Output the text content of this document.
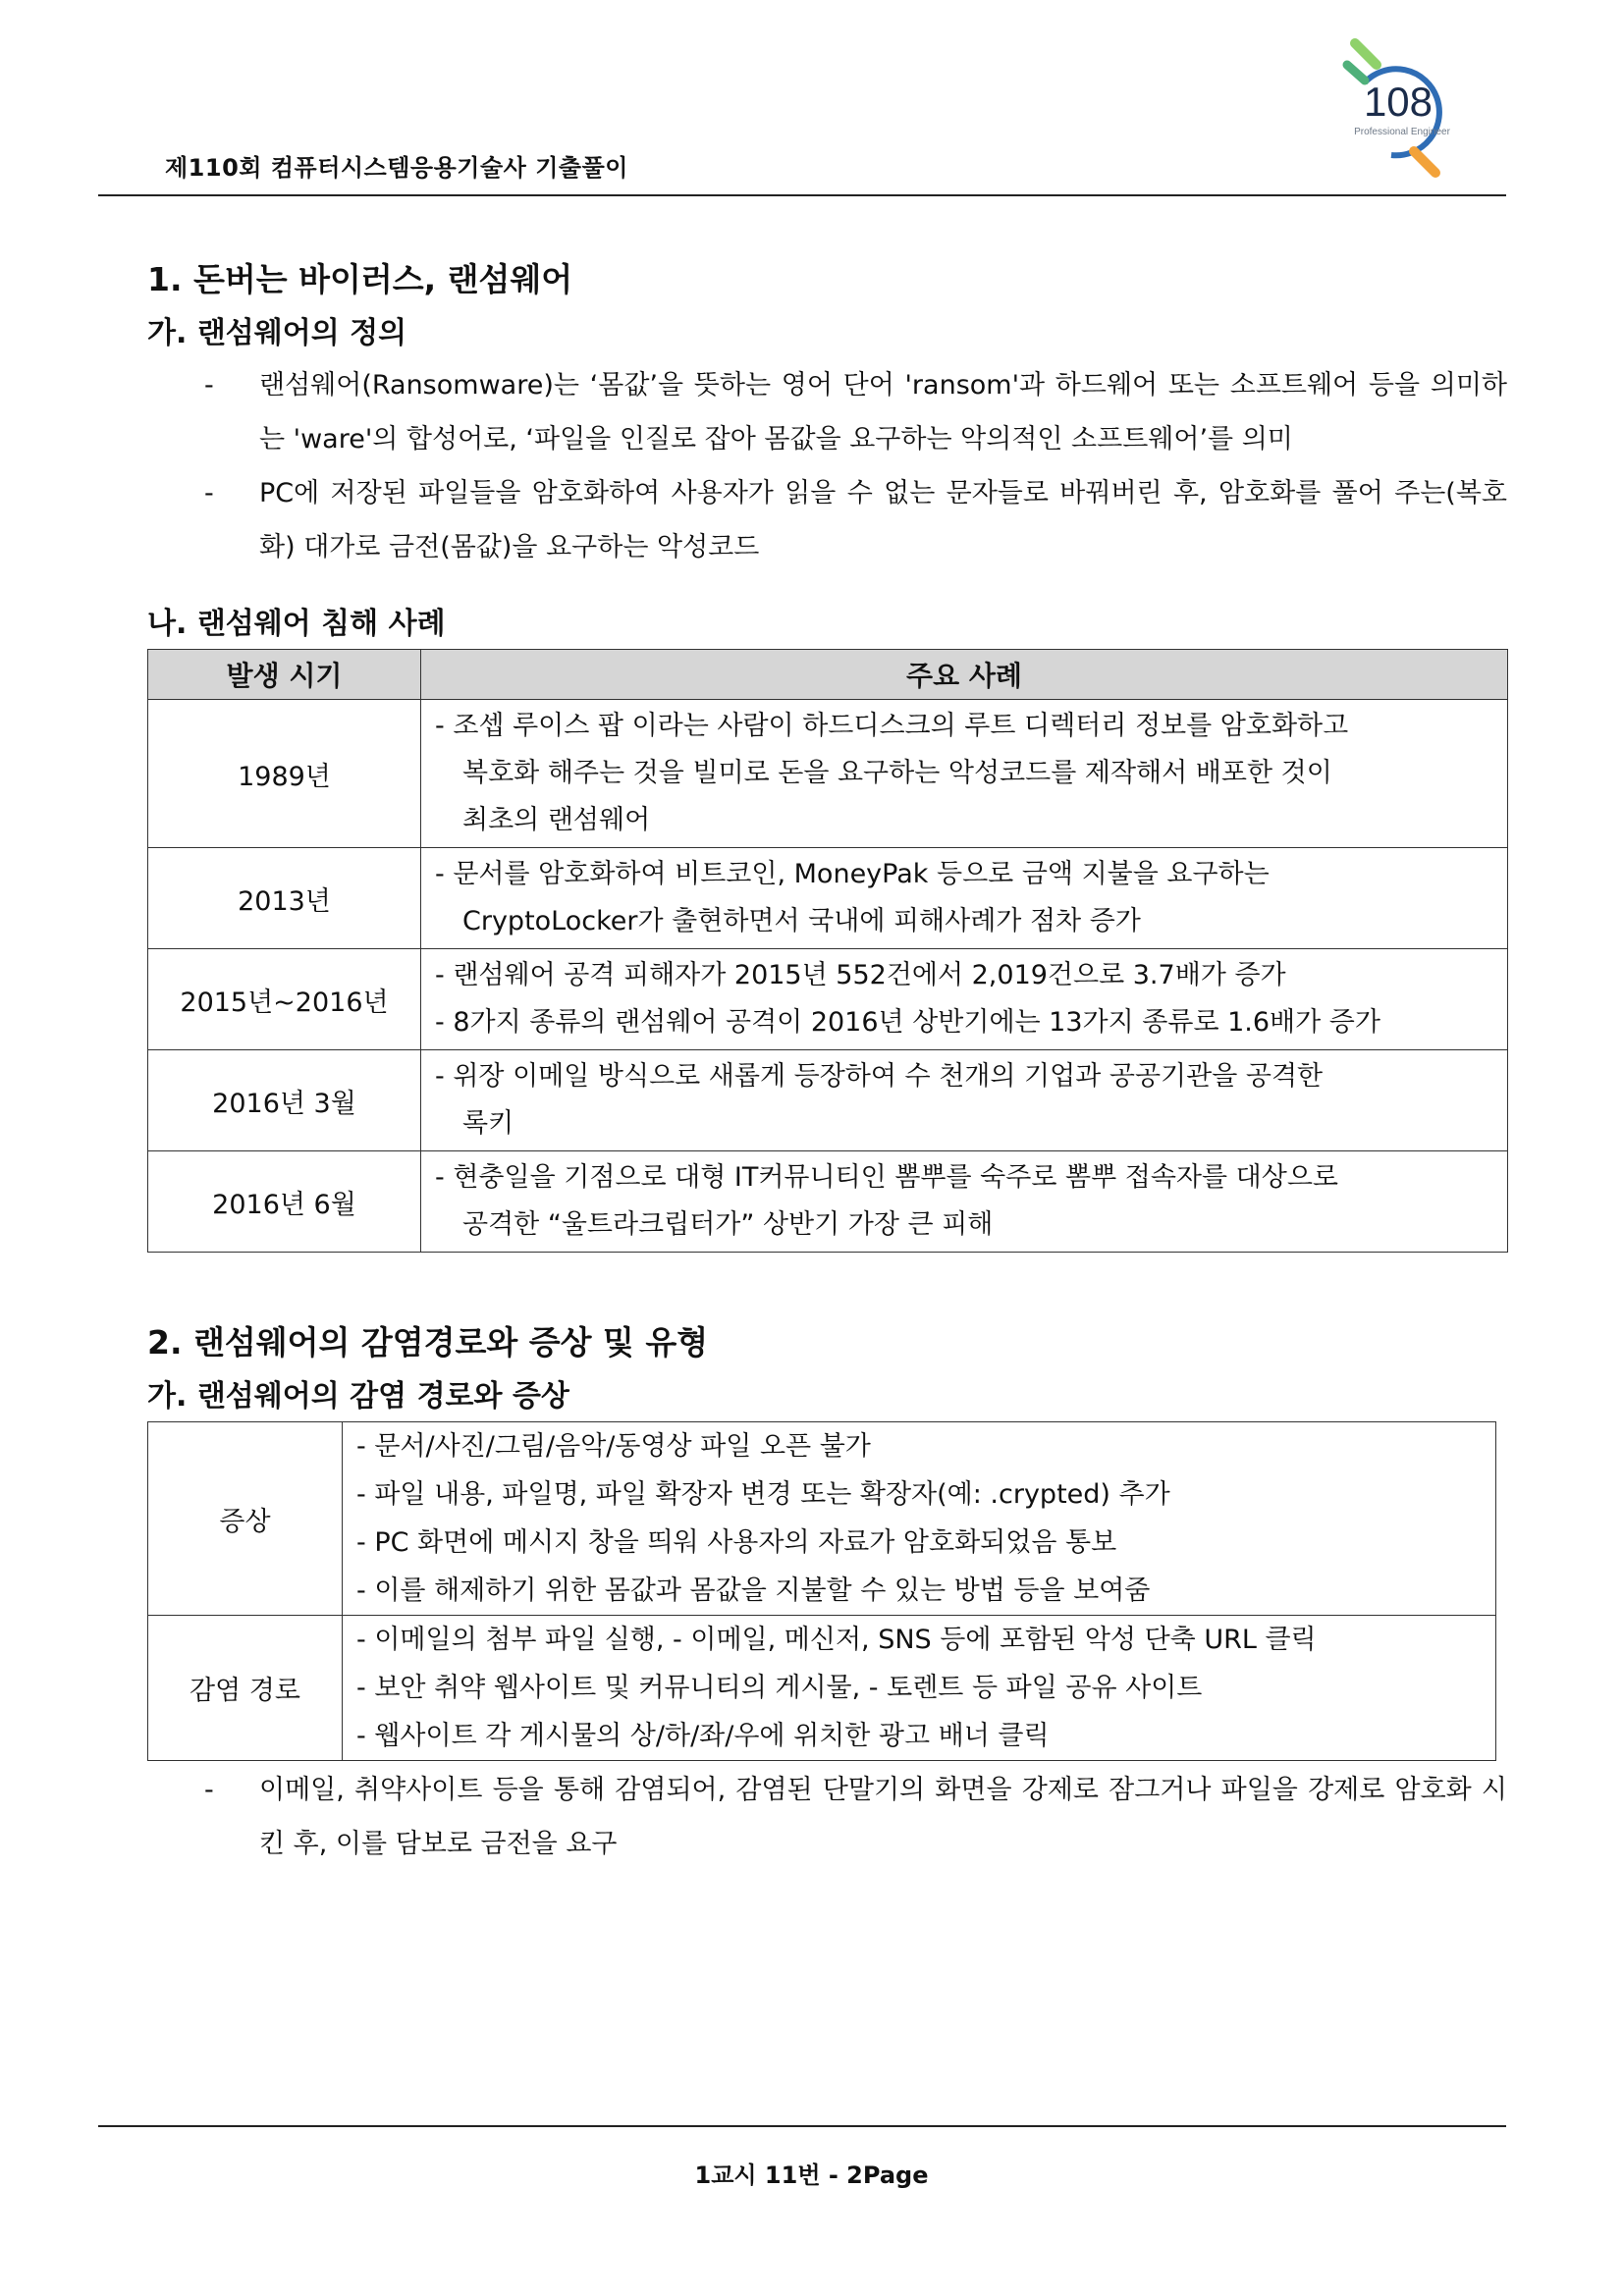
제110회 컴퓨터시스템응용기술사 기출풀이
108
Professional Engineer
1. 돈버는 바이러스, 랜섬웨어
가. 랜섬웨어의 정의
- 랜섬웨어(Ransomware)는 ‘몸값’을 뜻하는 영어 단어 'ransom'과 하드웨어 또는 소프트웨어 등을 의미하는 'ware'의 합성어로, ‘파일을 인질로 잡아 몸값을 요구하는 악의적인 소프트웨어’를 의미
- PC에 저장된 파일들을 암호화하여 사용자가 읽을 수 없는 문자들로 바꿔버린 후, 암호화를 풀어 주는(복호화) 대가로 금전(몸값)을 요구하는 악성코드
나. 랜섬웨어 침해 사례
발생 시기	주요 사례
1989년	- 조셉 루이스 팝 이라는 사람이 하드디스크의 루트 디렉터리 정보를 암호화하고
복호화 해주는 것을 빌미로 돈을 요구하는 악성코드를 제작해서 배포한 것이
최초의 랜섬웨어

2013년	- 문서를 암호화하여 비트코인, MoneyPak 등으로 금액 지불을 요구하는
CryptoLocker가 출현하면서 국내에 피해사례가 점차 증가

2015년~2016년	- 랜섬웨어 공격 피해자가 2015년 552건에서 2,019건으로 3.7배가 증가
- 8가지 종류의 랜섬웨어 공격이 2016년 상반기에는 13가지 종류로 1.6배가 증가

2016년 3월	- 위장 이메일 방식으로 새롭게 등장하여 수 천개의 기업과 공공기관을 공격한
록키

2016년 6월	- 현충일을 기점으로 대형 IT커뮤니티인 뽐뿌를 숙주로 뽐뿌 접속자를 대상으로
공격한 “울트라크립터가” 상반기 가장 큰 피해
2. 랜섬웨어의 감염경로와 증상 및 유형
가. 랜섬웨어의 감염 경로와 증상
증상	- 문서/사진/그림/음악/동영상 파일 오픈 불가
- 파일 내용, 파일명, 파일 확장자 변경 또는 확장자(예: .crypted) 추가
- PC 화면에 메시지 창을 띄워 사용자의 자료가 암호화되었음 통보
- 이를 해제하기 위한 몸값과 몸값을 지불할 수 있는 방법 등을 보여줌

감염 경로	- 이메일의 첨부 파일 실행, - 이메일, 메신저, SNS 등에 포함된 악성 단축 URL 클릭
- 보안 취약 웹사이트 및 커뮤니티의 게시물, - 토렌트 등 파일 공유 사이트
- 웹사이트 각 게시물의 상/하/좌/우에 위치한 광고 배너 클릭
- 이메일, 취약사이트 등을 통해 감염되어, 감염된 단말기의 화면을 강제로 잠그거나 파일을 강제로 암호화 시킨 후, 이를 담보로 금전을 요구
1교시 11번 - 2Page
